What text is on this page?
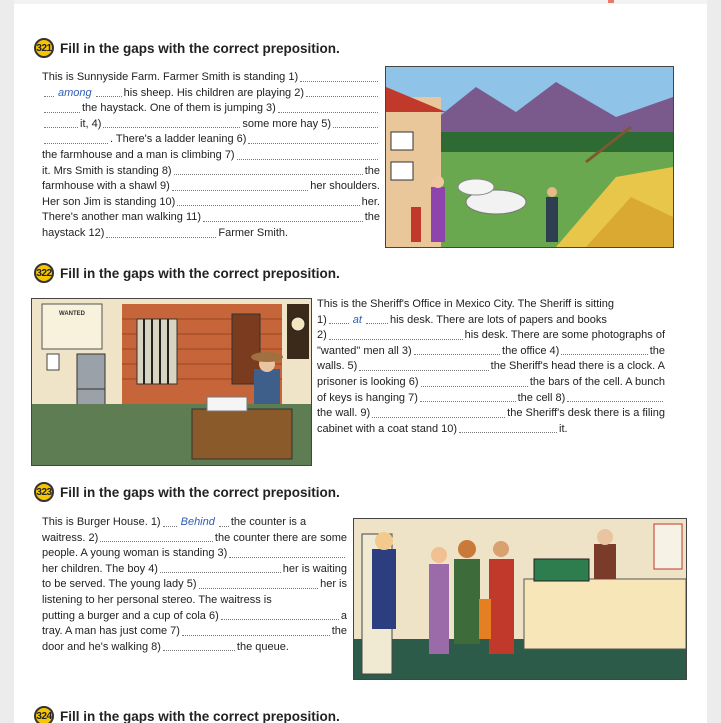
321 Fill in the gaps with the correct preposition.
This is Sunnyside Farm. Farmer Smith is standing 1)
among	his sheep. His children are playing 2)
the haystack. One of them is jumping 3)
it, 4)	some more hay 5)
. There's a ladder leaning 6)
the farmhouse and a man is climbing 7)
it. Mrs Smith is standing 8)	the
farmhouse with a shawl 9)	her shoulders.
Her son Jim is standing 10)	her.
There's another man walking 11)	the
haystack 12)	Farmer Smith.
322 Fill in the gaps with the correct preposition.
WANTED
This is the Sheriff's Office in Mexico City. The Sheriff is sitting
1) at	his desk. There are lots of papers and books
2)	his desk. There are some photographs of
"wanted" men all 3)	the office 4)	the
walls. 5)	the Sheriff's head there is a clock. A
prisoner is looking 6)	the bars of the cell. A bunch
of keys is hanging 7)	the cell 8)
the wall. 9)	the Sheriff's desk there is a filing
cabinet with a coat stand 10)	it.
323 Fill in the gaps with the correct preposition.
This is Burger House. 1) Behind the counter is a
waitress. 2)	the counter there are some
people. A young woman is standing 3)
her children. The boy 4)	her is waiting
to be served. The young lady 5)	her is
listening to her personal stereo. The waitress is
putting a burger and a cup of cola 6)	a
tray. A man has just come 7)	the
door and he's walking 8)	the queue.
324 Fill in the gaps with the correct preposition.
